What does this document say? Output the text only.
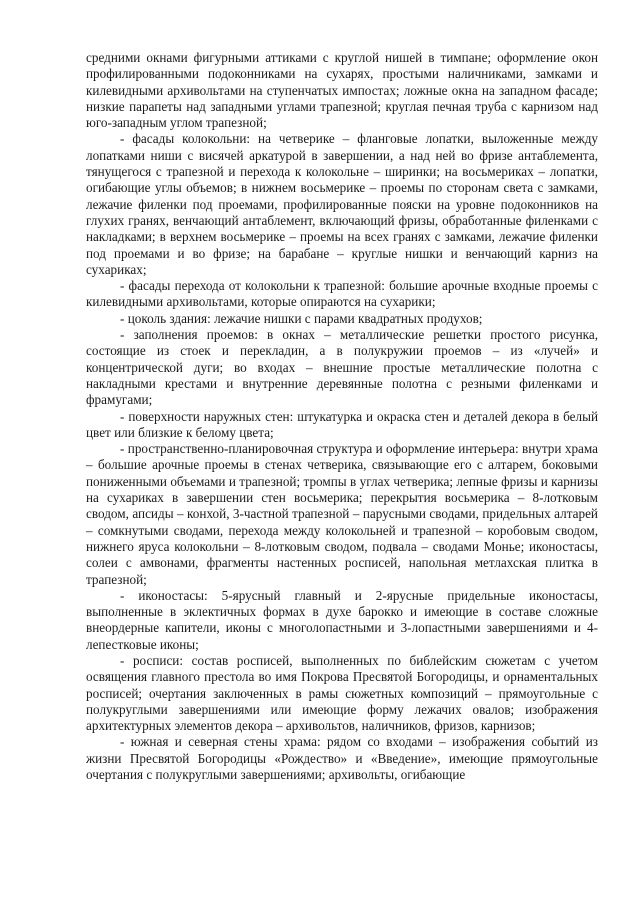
средними окнами фигурными аттиками с круглой нишей в тимпане; оформление окон профилированными подоконниками на сухарях, простыми наличниками, замками и килевидными архивольтами на ступенчатых импостах; ложные окна на западном фасаде; низкие парапеты над западными углами трапезной; круглая печная труба с карнизом над юго-западным углом трапезной;

- фасады колокольни: на четверике – фланговые лопатки, выложенные между лопатками ниши с висячей аркатурой в завершении, а над ней во фризе антаблемента, тянущегося с трапезной и перехода к колокольне – ширинки; на восьмериках – лопатки, огибающие углы объемов; в нижнем восьмерике – проемы по сторонам света с замками, лежачие филенки под проемами, профилированные пояски на уровне подоконников на глухих гранях, венчающий антаблемент, включающий фризы, обработанные филенками с накладками; в верхнем восьмерике – проемы на всех гранях с замками, лежачие филенки под проемами и во фризе; на барабане – круглые нишки и венчающий карниз на сухариках;

- фасады перехода от колокольни к трапезной: большие арочные входные проемы с килевидными архивольтами, которые опираются на сухарики;

- цоколь здания: лежачие нишки с парами квадратных продухов;

- заполнения проемов: в окнах – металлические решетки простого рисунка, состоящие из стоек и перекладин, а в полукружии проемов – из «лучей» и концентрической дуги; во входах – внешние простые металлические полотна с накладными крестами и внутренние деревянные полотна с резными филенками и фрамугами;

- поверхности наружных стен: штукатурка и окраска стен и деталей декора в белый цвет или близкие к белому цвета;

- пространственно-планировочная структура и оформление интерьера: внутри храма – большие арочные проемы в стенах четверика, связывающие его с алтарем, боковыми пониженными объемами и трапезной; тромпы в углах четверика; лепные фризы и карнизы на сухариках в завершении стен восьмерика; перекрытия восьмерика – 8-лотковым сводом, апсиды – конхой, 3-частной трапезной – парусными сводами, придельных алтарей – сомкнутыми сводами, перехода между колокольней и трапезной – коробовым сводом, нижнего яруса колокольни – 8-лотковым сводом, подвала – сводами Монье; иконостасы, солеи с амвонами, фрагменты настенных росписей, напольная метлахская плитка в трапезной;

- иконостасы: 5-ярусный главный и 2-ярусные придельные иконостасы, выполненные в эклектичных формах в духе барокко и имеющие в составе сложные внеордерные капители, иконы с многолопастными и 3-лопастными завершениями и 4-лепестковые иконы;

- росписи: состав росписей, выполненных по библейским сюжетам с учетом освящения главного престола во имя Покрова Пресвятой Богородицы, и орнаментальных росписей; очертания заключенных в рамы сюжетных композиций – прямоугольные с полукруглыми завершениями или имеющие форму лежачих овалов; изображения архитектурных элементов декора – архивольтов, наличников, фризов, карнизов;

- южная и северная стены храма: рядом со входами – изображения событий из жизни Пресвятой Богородицы «Рождество» и «Введение», имеющие прямоугольные очертания с полукруглыми завершениями; архивольты, огибающие
